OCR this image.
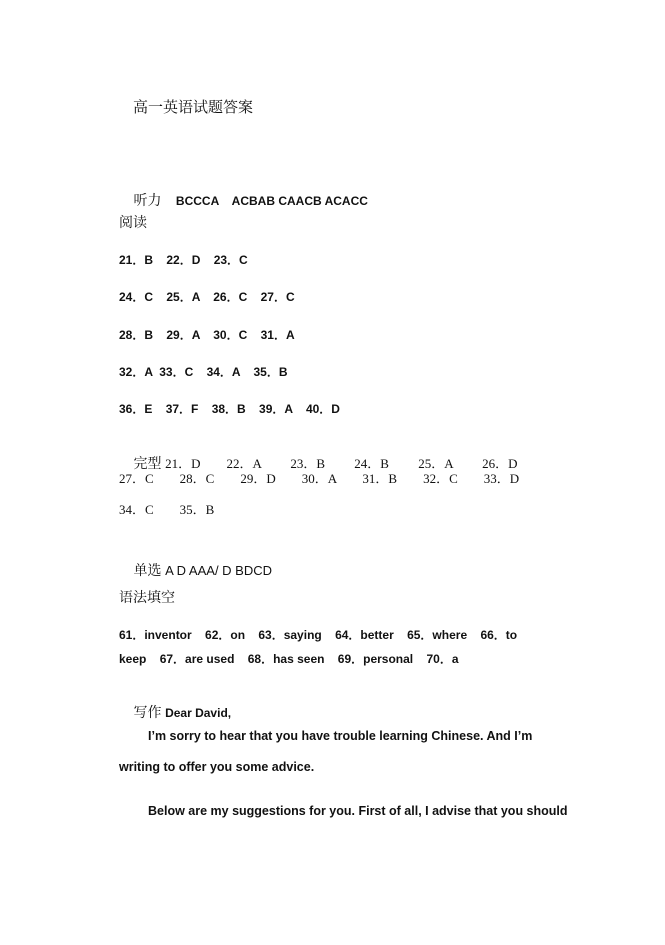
高一英语试题答案

听力 BCCCA    ACBAB CAACB ACACC

阅读
21．B    22．D    23．C
24．C    25．A    26．C    27．C
28．B    29．A    30．C    31．A
32．A  33．C    34．A    35．B
36．E    37．F    38．B    39．A    40．D

完型 21．D        22．A         23．B         24．B         25．A         26．D

27．C        28．C        29．D        30．A        31．B        32．C        33．D
34．C        35．B

单选 A D AAA/ D BDCD

语法填空
61．inventor    62．on    63．saying    64．better    65．where    66．to
keep    67．are used    68．has seen    69．personal    70．a

写作 Dear David,

I’m sorry to hear that you have trouble learning Chinese. And I’m
writing to offer you some advice.
Below are my suggestions for you. First of all, I advise that you should
